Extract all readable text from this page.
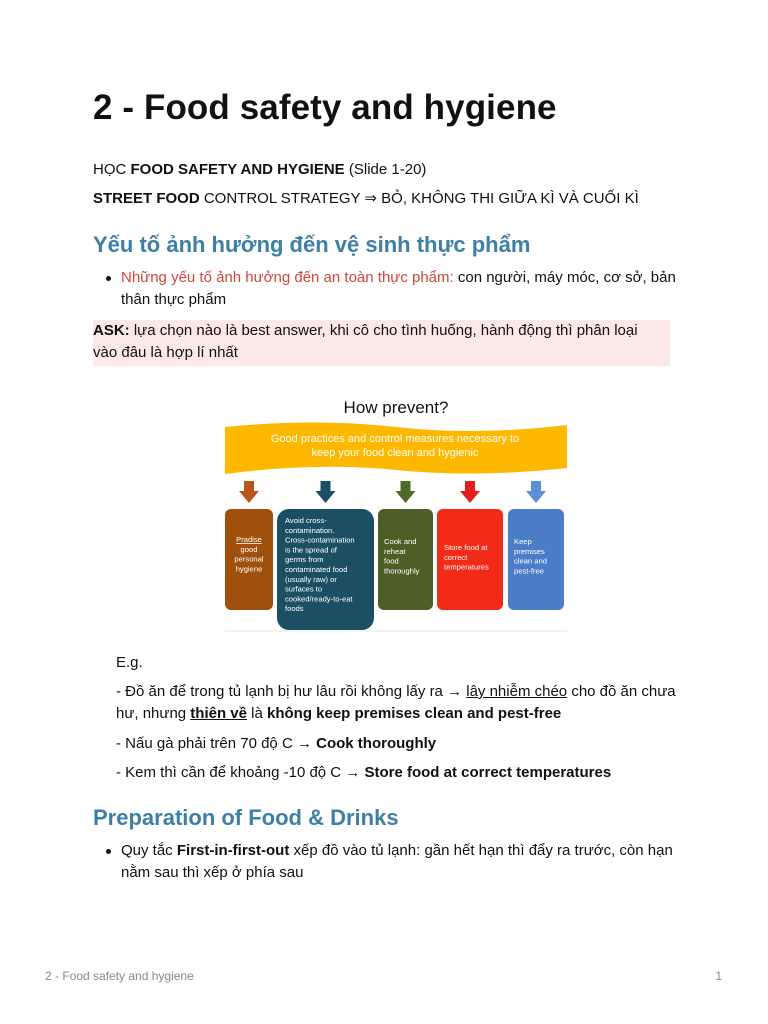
2 - Food safety and hygiene
HỌC FOOD SAFETY AND HYGIENE (Slide 1-20)
STREET FOOD CONTROL STRATEGY ⇒ BỎ, KHÔNG THI GIỮA KÌ VÀ CUỐI KÌ
Yếu tố ảnh hưởng đến vệ sinh thực phẩm
Những yếu tố ảnh hưởng đến an toàn thực phẩm: con người, máy móc, cơ sở, bản thân thực phẩm
ASK: lựa chọn nào là best answer, khi cô cho tình huống, hành động thì phân loại vào đâu là hợp lí nhất
How prevent?
Good practices and control measures necessary to
keep your food clean and hygienic
Pradise good personal hygiene
Avoid cross-contamination. Cross-contamination is the spread of germs from contaminated food (usually raw) or surfaces to cooked/ready-to-eat foods
Cook and reheat food thoroughly
Store food at correct temperatures
Keep premises clean and pest-free
E.g.
- Đồ ăn để trong tủ lạnh bị hư lâu rồi không lấy ra → lây nhiễm chéo cho đồ ăn chưa hư, nhưng thiên về là không keep premises clean and pest-free
- Nấu gà phải trên 70 độ C → Cook thoroughly
- Kem thì cần để khoảng -10 độ C → Store food at correct temperatures
Preparation of Food & Drinks
Quy tắc First-in-first-out xếp đồ vào tủ lạnh: gần hết hạn thì đẩy ra trước, còn hạn nằm sau thì xếp ở phía sau
2 - Food safety and hygiene	1
